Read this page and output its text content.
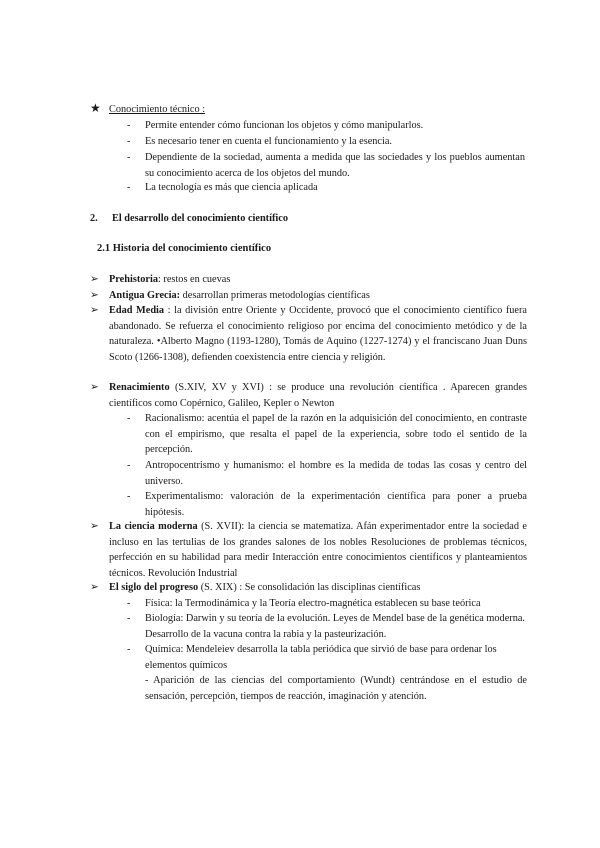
★ Conocimiento técnico :
- Permite entender cómo funcionan los objetos y cómo manipularlos.
- Es necesario tener en cuenta el funcionamiento y la esencia.
- Dependiente de la sociedad, aumenta a medida que las sociedades y los pueblos aumentan su conocimiento acerca de los objetos del mundo.
- La tecnología es más que ciencia aplicada
2. El desarrollo del conocimiento científico
2.1 Historia del conocimiento científico
➢ Prehistoria: restos en cuevas
➢ Antigua Grecia: desarrollan primeras metodologías científicas
➢ Edad Media : la división entre Oriente y Occidente, provocó que el conocimiento científico fuera abandonado. Se refuerza el conocimiento religioso por encima del conocimiento metódico y de la naturaleza. •Alberto Magno (1193-1280), Tomás de Aquino (1227-1274) y el franciscano Juan Duns Scoto (1266-1308), defienden coexistencia entre ciencia y religión.
➢ Renacimiento (S.XIV, XV y XVI) : se produce una revolución científica . Aparecen grandes científicos como Copérnico, Galileo, Kepler o Newton
- Racionalismo: acentúa el papel de la razón en la adquisición del conocimiento, en contraste con el empirismo, que resalta el papel de la experiencia, sobre todo el sentido de la percepción.
- Antropocentrismo y humanismo: el hombre es la medida de todas las cosas y centro del universo.
- Experimentalismo: valoración de la experimentación científica para poner a prueba hipótesis.
➢ La ciencia moderna (S. XVII): la ciencia se matematiza. Afán experimentador entre la sociedad e incluso en las tertulias de los grandes salones de los nobles Resoluciones de problemas técnicos, perfección en su habilidad para medir Interacción entre conocimientos científicos y planteamientos técnicos. Revolución Industrial
➢ El siglo del progreso (S. XIX) : Se consolidación las disciplinas científicas
- Física: la Termodinámica y la Teoría electro-magnética establecen su base teórica
- Biología: Darwin y su teoría de la evolución. Leyes de Mendel base de la genética moderna. Desarrollo de la vacuna contra la rabia y la pasteurización.
- Química: Mendeleiev desarrolla la tabla periódica que sirvió de base para ordenar los elementos químicos
- Aparición de las ciencias del comportamiento (Wundt) centrándose en el estudio de sensación, percepción, tiempos de reacción, imaginación y atención.
